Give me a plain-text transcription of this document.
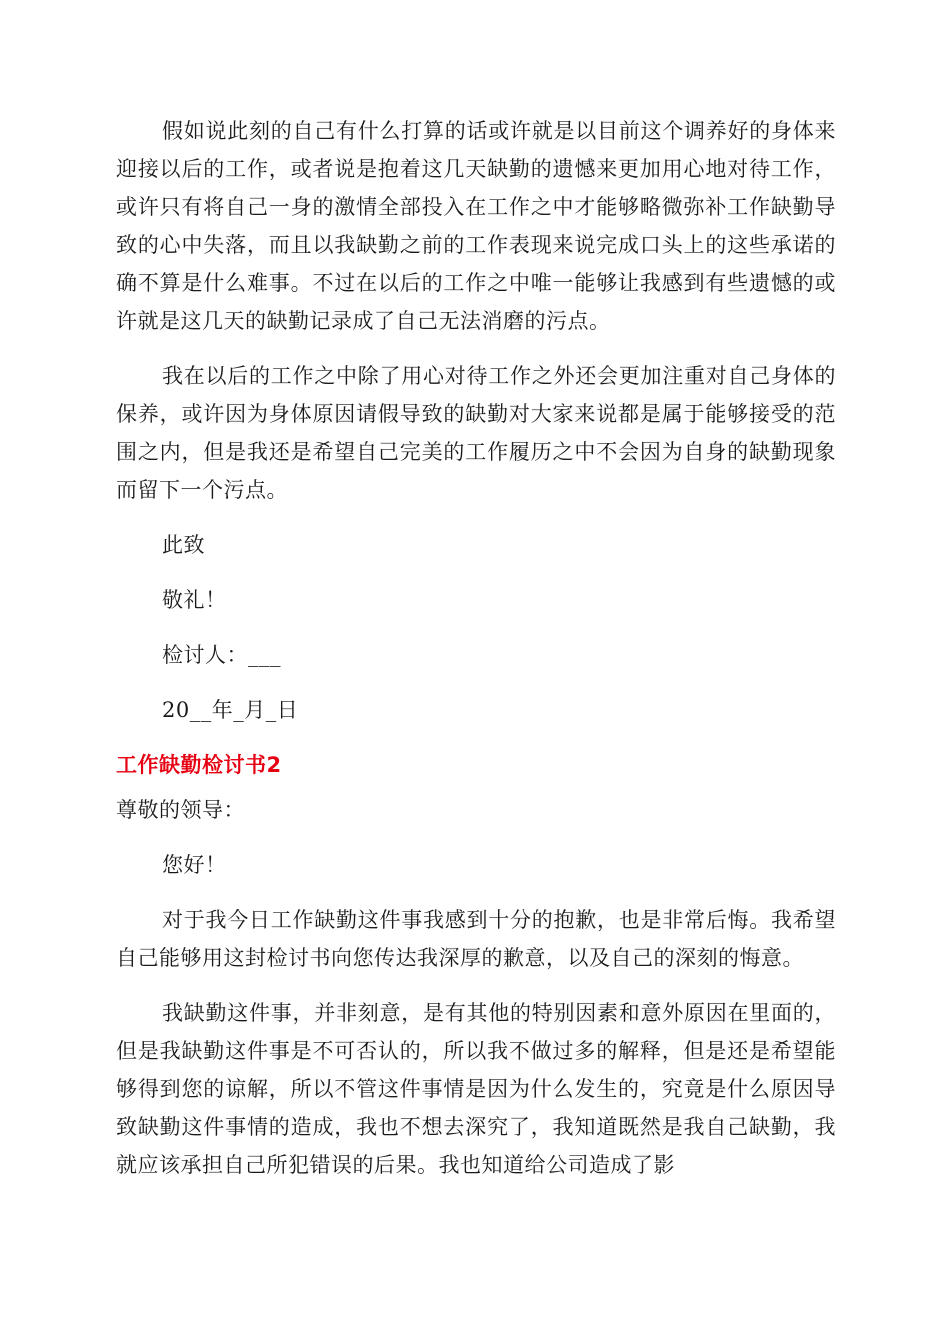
假如说此刻的自己有什么打算的话或许就是以目前这个调养好的身体来迎接以后的工作，或者说是抱着这几天缺勤的遗憾来更加用心地对待工作，或许只有将自己一身的激情全部投入在工作之中才能够略微弥补工作缺勤导致的心中失落，而且以我缺勤之前的工作表现来说完成口头上的这些承诺的确不算是什么难事。不过在以后的工作之中唯一能够让我感到有些遗憾的或许就是这几天的缺勤记录成了自己无法消磨的污点。

我在以后的工作之中除了用心对待工作之外还会更加注重对自己身体的保养，或许因为身体原因请假导致的缺勤对大家来说都是属于能够接受的范围之内，但是我还是希望自己完美的工作履历之中不会因为自身的缺勤现象而留下一个污点。

此致

敬礼！

检讨人：___

20__年_月_日

工作缺勤检讨书2

尊敬的领导：

您好！

对于我今日工作缺勤这件事我感到十分的抱歉，也是非常后悔。我希望自己能够用这封检讨书向您传达我深厚的歉意，以及自己的深刻的悔意。

我缺勤这件事，并非刻意，是有其他的特别因素和意外原因在里面的，但是我缺勤这件事是不可否认的，所以我不做过多的解释，但是还是希望能够得到您的谅解，所以不管这件事情是因为什么发生的，究竟是什么原因导致缺勤这件事情的造成，我也不想去深究了，我知道既然是我自己缺勤，我就应该承担自己所犯错误的后果。我也知道给公司造成了影
